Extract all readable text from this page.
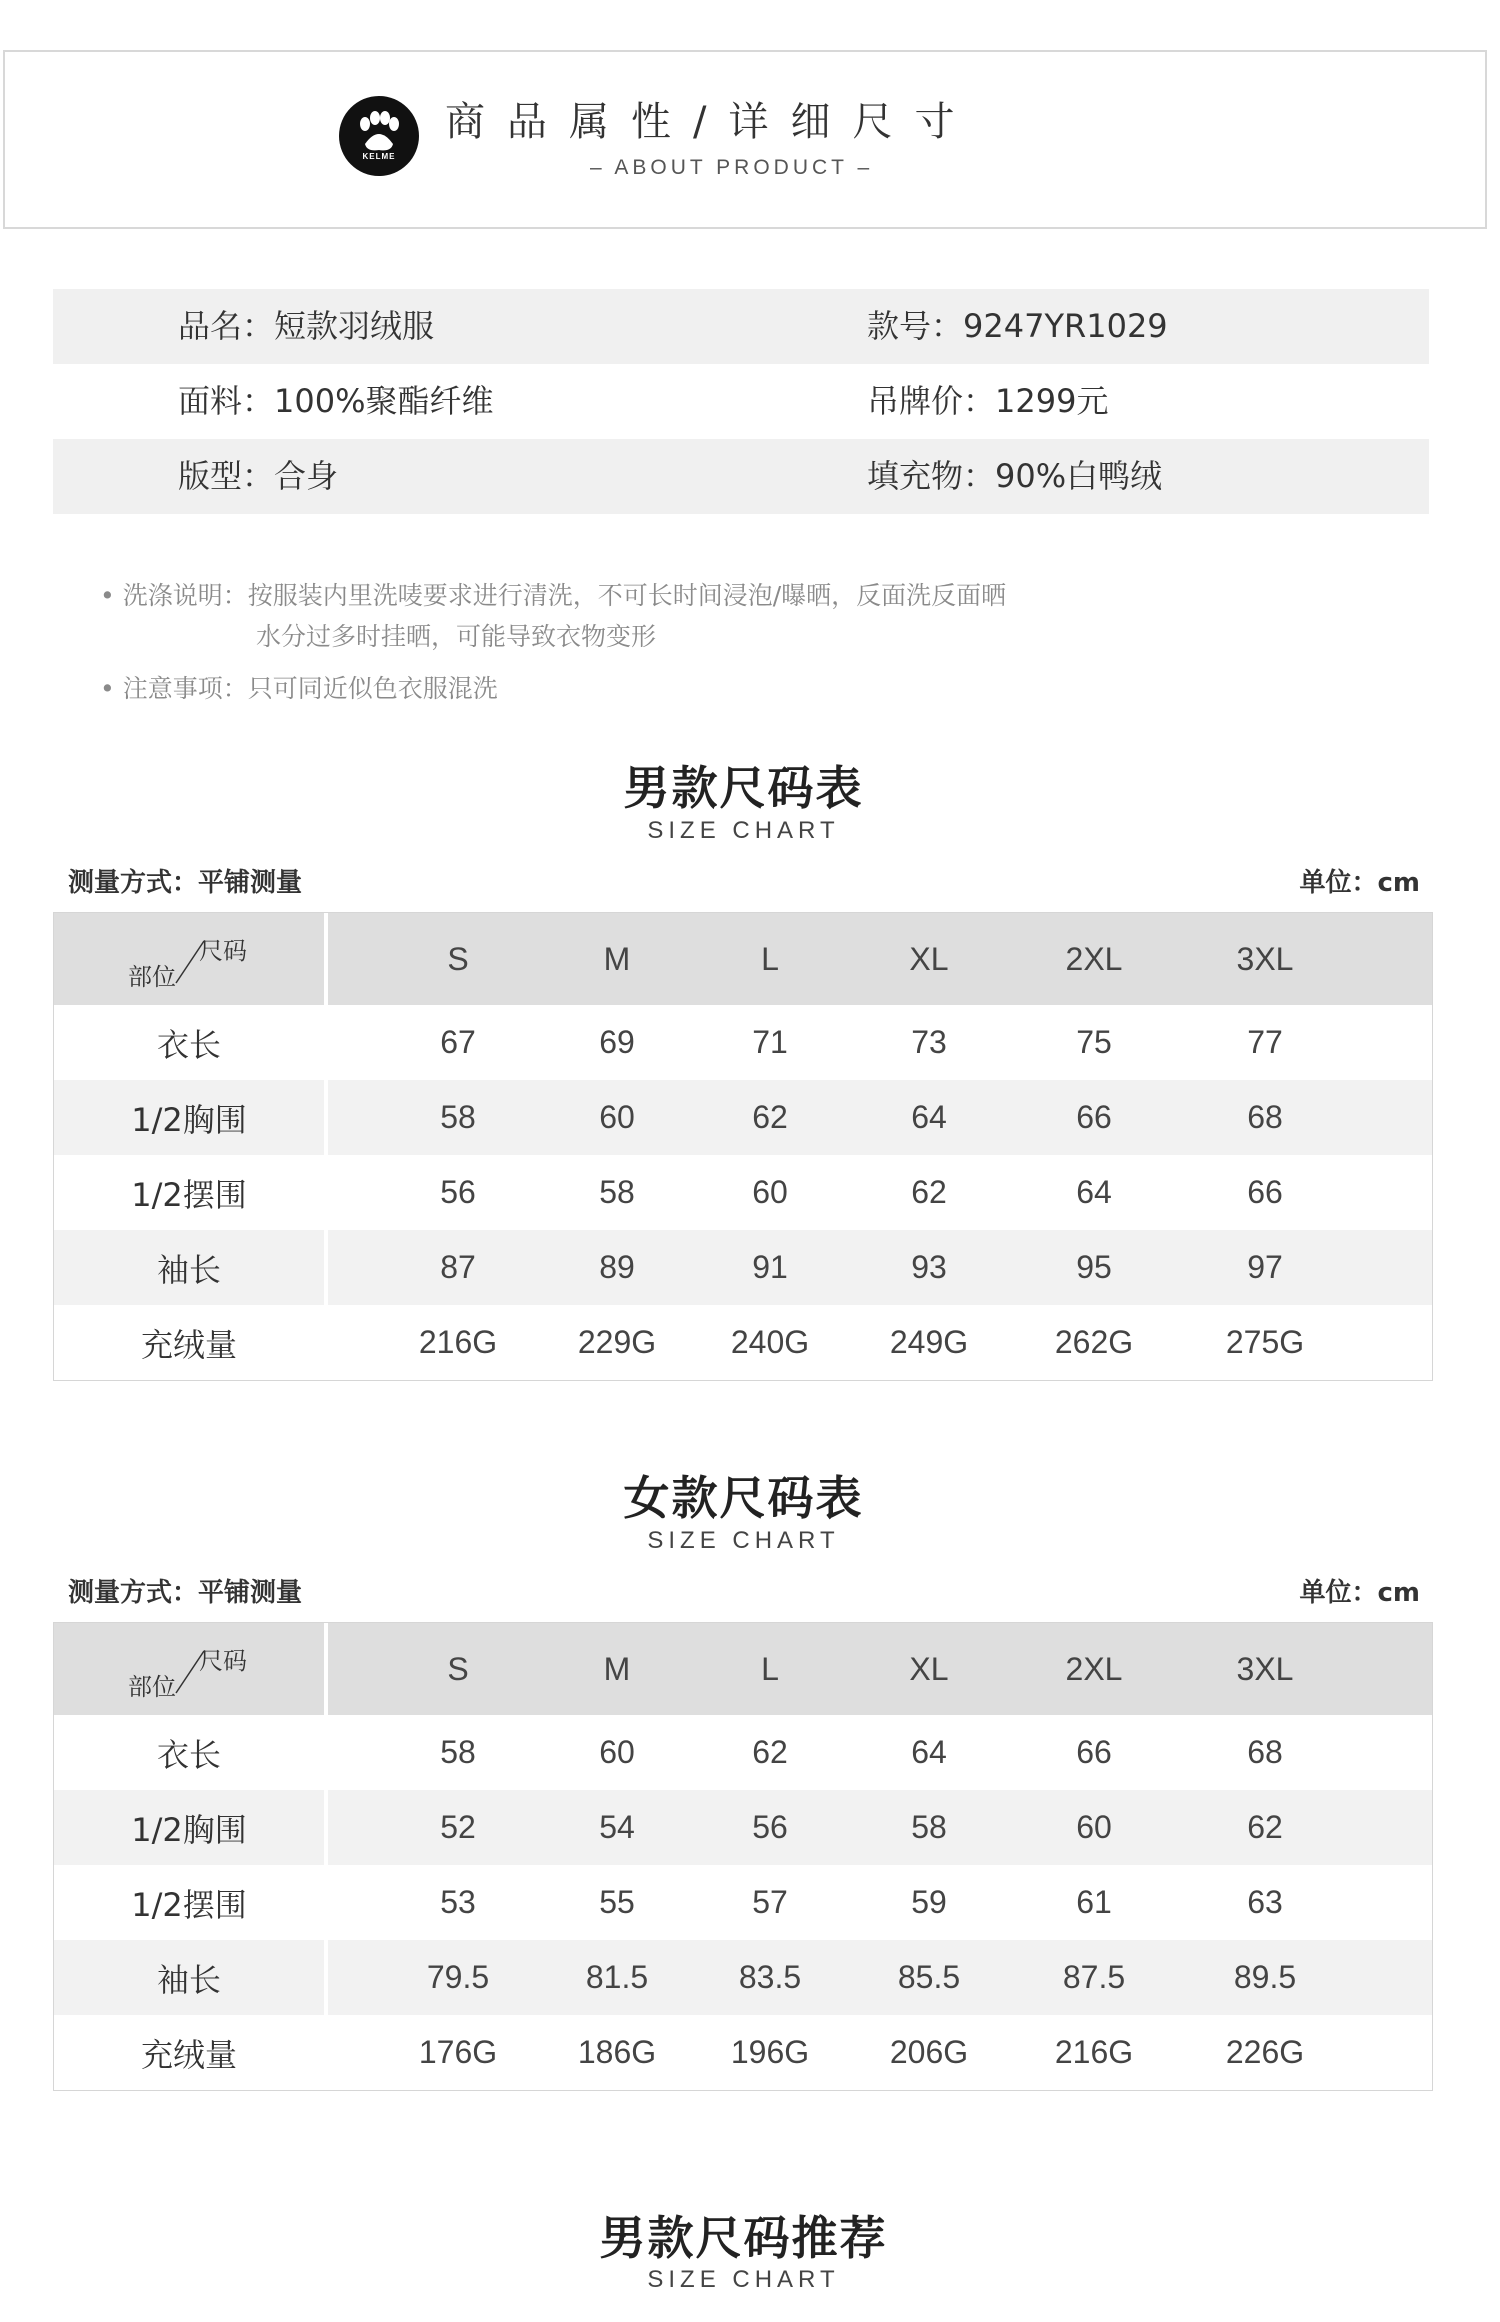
KELME
商品属性/详细尺寸
– ABOUT PRODUCT –
品名：短款羽绒服	款号：9247YR1029
面料：100%聚酯纤维	吊牌价：1299元
版型：合身	填充物：90%白鸭绒
• 洗涤说明：按服装内里洗唛要求进行清洗，不可长时间浸泡/曝晒，反面洗反面晒
水分过多时挂晒，可能导致衣物变形
• 注意事项：只可同近似色衣服混洗
男款尺码表
SIZE CHART
测量方式：平铺测量	单位：cm
尺码
部位
S	M	L	XL	2XL	3XL
衣长	67	69	71	73	75	77
1/2胸围	58	60	62	64	66	68
1/2摆围	56	58	60	62	64	66
袖长	87	89	91	93	95	97
充绒量	216G	229G	240G	249G	262G	275G
女款尺码表
SIZE CHART
测量方式：平铺测量	单位：cm
尺码
部位
S	M	L	XL	2XL	3XL
衣长	58	60	62	64	66	68
1/2胸围	52	54	56	58	60	62
1/2摆围	53	55	57	59	61	63
袖长	79.5	81.5	83.5	85.5	87.5	89.5
充绒量	176G	186G	196G	206G	216G	226G
男款尺码推荐
SIZE CHART
